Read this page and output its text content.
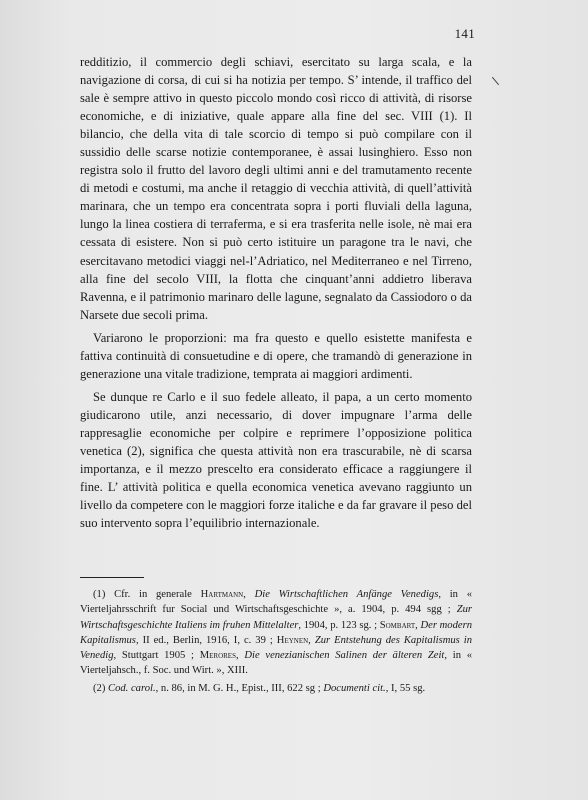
141

redditizio, il commercio degli schiavi, esercitato su larga scala, e la navigazione di corsa, di cui si ha notizia per tempo. S’ intende, il traffico del sale è sempre attivo in questo piccolo mondo così ricco di attività, di risorse economiche, e di iniziative, quale appare alla fine del sec. VIII (1). Il bilancio, che della vita di tale scorcio di tempo si può compilare con il sussidio delle scarse notizie contemporanee, è assai lusinghiero. Esso non registra solo il frutto del lavoro degli ultimi anni e del tramutamento recente di metodi e costumi, ma anche il retaggio di vecchia attività, di quell’attività marinara, che un tempo era concentrata sopra i porti fluviali della laguna, lungo la linea costiera di terraferma, e si era trasferita nelle isole, nè mai era cessata di esistere. Non si può certo istituire un paragone tra le navi, che esercitavano metodici viaggi nel-l’Adriatico, nel Mediterraneo e nel Tirreno, alla fine del secolo VIII, la flotta che cinquant’anni addietro liberava Ravenna, e il patrimonio marinaro delle lagune, segnalato da Cassiodoro o da Narsete due secoli prima.

Variarono le proporzioni: ma fra questo e quello esistette manifesta e fattiva continuità di consuetudine e di opere, che tramandò di generazione in generazione una vitale tradizione, temprata ai maggiori ardimenti.

Se dunque re Carlo e il suo fedele alleato, il papa, a un certo momento giudicarono utile, anzi necessario, di dover impugnare l’arma delle rappresaglie economiche per colpire e reprimere l’opposizione politica venetica (2), significa che questa attività non era trascurabile, nè di scarsa importanza, e il mezzo prescelto era considerato efficace a raggiungere il fine. L’ attività politica e quella economica venetica avevano raggiunto un livello da competere con le maggiori forze italiche e da far gravare il peso del suo intervento sopra l’equilibrio internazionale.

(1) Cfr. in generale Hartmann, Die Wirtschaftlichen Anfänge Venedigs, in « Vierteljahrsschrift fur Social und Wirtschaftsgeschichte », a. 1904, p. 494 sgg ; Zur Wirtschaftsgeschichte Italiens im fruhen Mittelalter, 1904, p. 123 sg. ; Sombart, Der modern Kapitalismus, II ed., Berlin, 1916, I, c. 39 ; Heynen, Zur Entstehung des Kapitalismus in Venedig, Stuttgart 1905 ; Merores, Die venezianischen Salinen der älteren Zeit, in « Vierteljahsch., f. Soc. und Wirt. », XIII.

(2) Cod. carol., n. 86, in M. G. H., Epist., III, 622 sg ; Documenti cit., I, 55 sg.
